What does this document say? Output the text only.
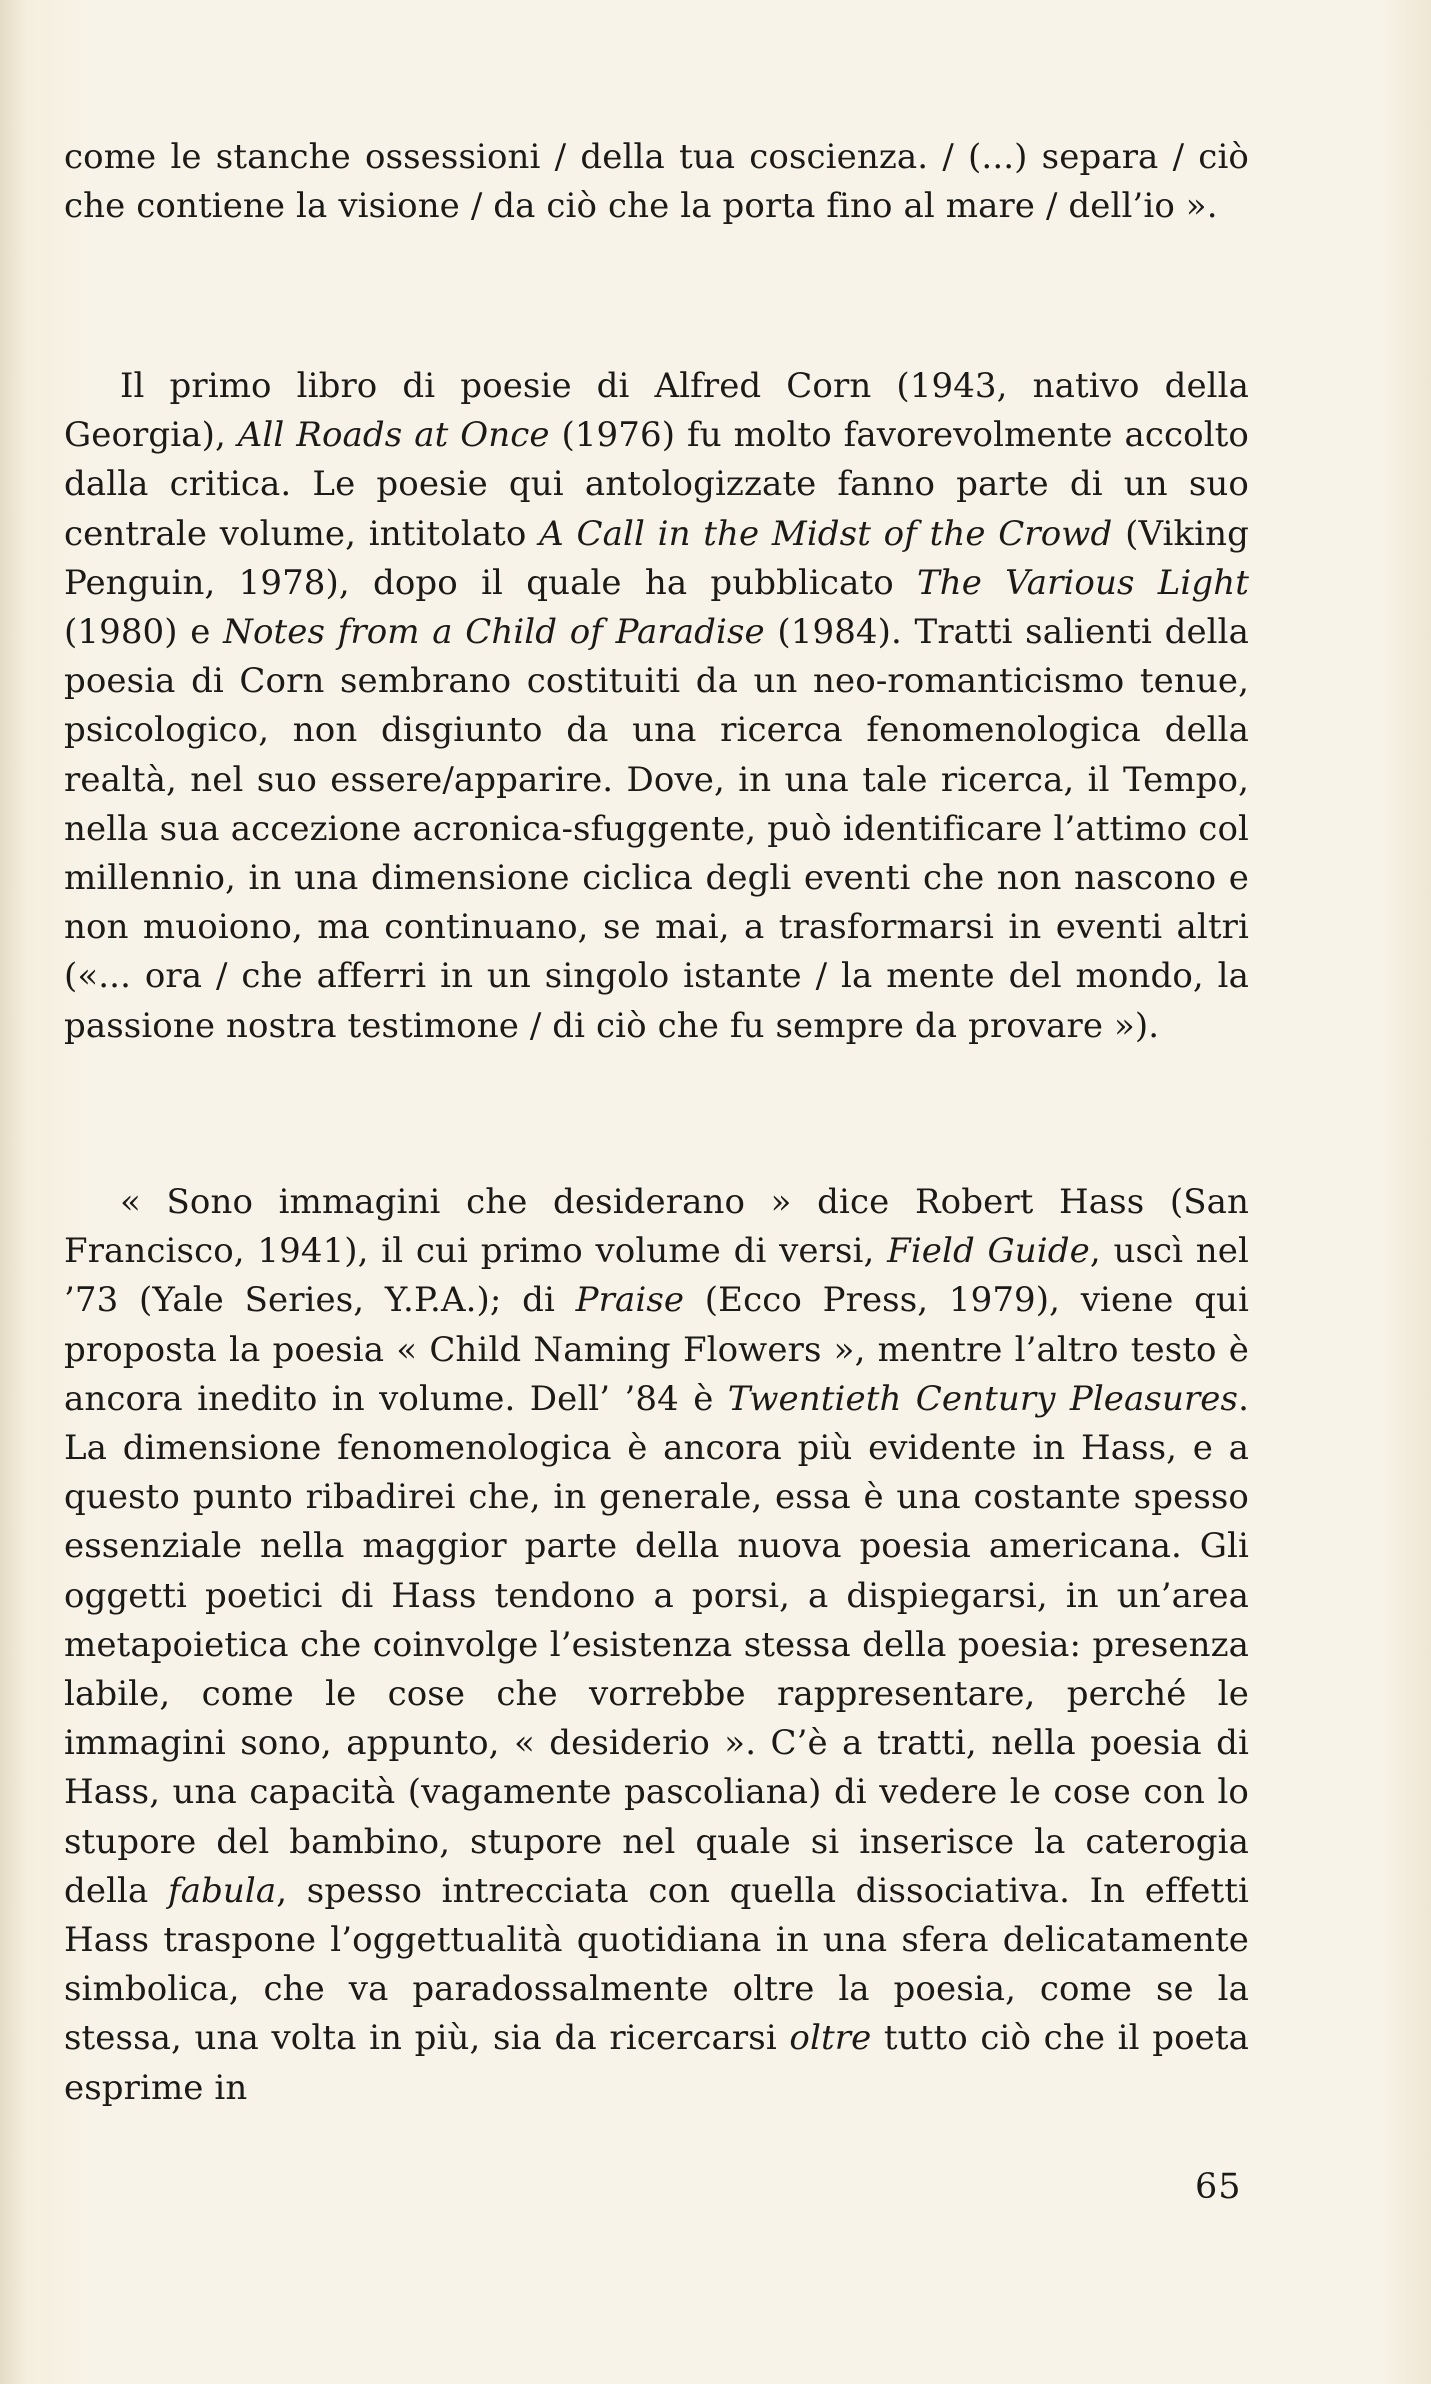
come le stanche ossessioni / della tua coscienza. / (...) separa / ciò che contiene la visione / da ciò che la porta fino al mare / dell’io ».

Il primo libro di poesie di Alfred Corn (1943, nativo della Georgia), All Roads at Once (1976) fu molto favorevolmente accolto dalla critica. Le poesie qui antologizzate fanno parte di un suo centrale volume, intitolato A Call in the Midst of the Crowd (Viking Penguin, 1978), dopo il quale ha pubblicato The Various Light (1980) e Notes from a Child of Paradise (1984). Tratti salienti della poesia di Corn sembrano costituiti da un neo-romanticismo tenue, psicologico, non disgiunto da una ricerca fenomenologica della realtà, nel suo essere/apparire. Dove, in una tale ricerca, il Tempo, nella sua accezione acronica-sfuggente, può identificare l’attimo col millennio, in una dimensione ciclica degli eventi che non nascono e non muoiono, ma continuano, se mai, a trasformarsi in eventi altri («... ora / che afferri in un singolo istante / la mente del mondo, la passione nostra testimone / di ciò che fu sempre da provare »).

« Sono immagini che desiderano » dice Robert Hass (San Francisco, 1941), il cui primo volume di versi, Field Guide, uscì nel ’73 (Yale Series, Y.P.A.); di Praise (Ecco Press, 1979), viene qui proposta la poesia « Child Naming Flowers », mentre l’altro testo è ancora inedito in volume. Dell’ ’84 è Twentieth Century Pleasures. La dimensione fenomenologica è ancora più evidente in Hass, e a questo punto ribadirei che, in generale, essa è una costante spesso essenziale nella maggior parte della nuova poesia americana. Gli oggetti poetici di Hass tendono a porsi, a dispiegarsi, in un’area metapoietica che coinvolge l’esistenza stessa della poesia: presenza labile, come le cose che vorrebbe rappresentare, perché le immagini sono, appunto, « desiderio ». C’è a tratti, nella poesia di Hass, una capacità (vagamente pascoliana) di vedere le cose con lo stupore del bambino, stupore nel quale si inserisce la caterogia della fabula, spesso intrecciata con quella dissociativa. In effetti Hass traspone l’oggettualità quotidiana in una sfera delicatamente simbolica, che va paradossalmente oltre la poesia, come se la stessa, una volta in più, sia da ricercarsi oltre tutto ciò che il poeta esprime in

65
